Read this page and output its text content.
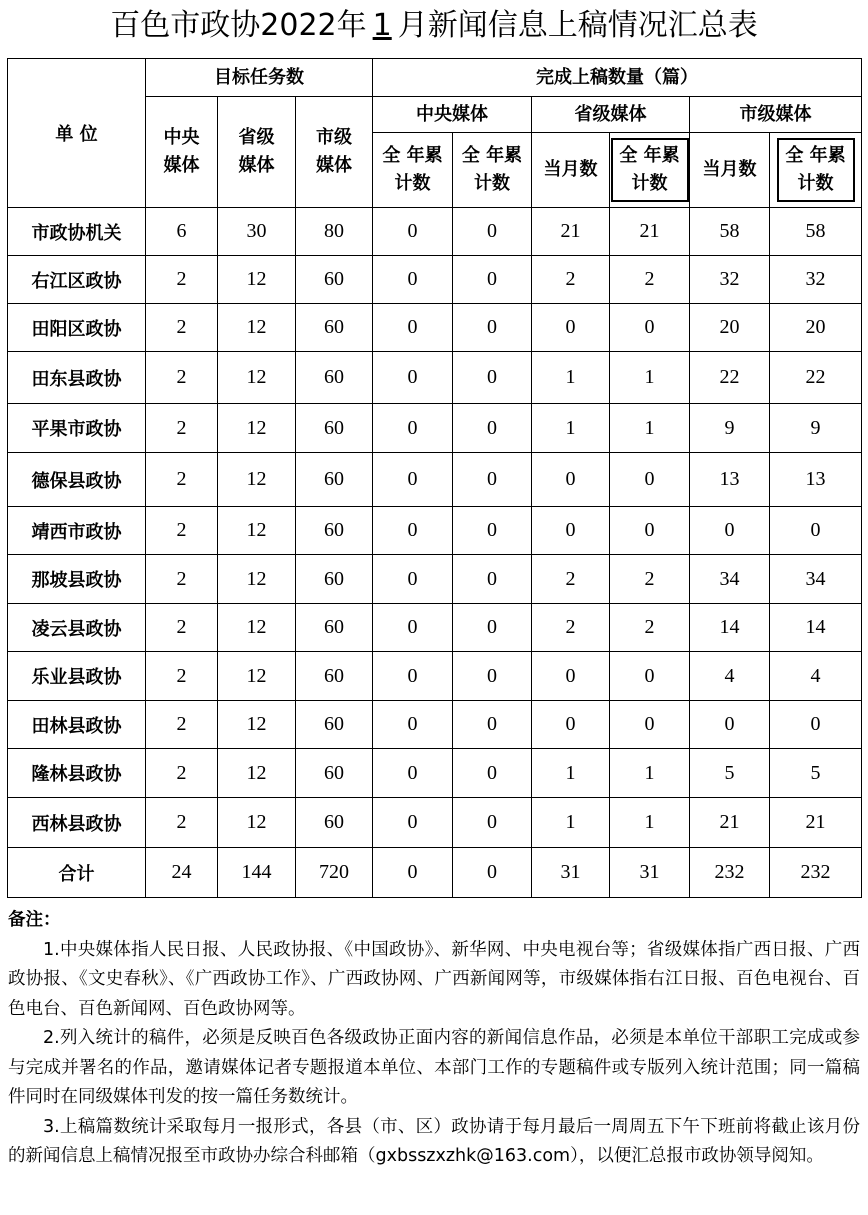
百色市政协2022年 1 月新闻信息上稿情况汇总表
单 位	目标任务数			完成上稿数量（篇）					

	中央媒体	省级媒体	市级媒体	中央媒体		省级媒体		市级媒体	

				全 年累计数	全 年累计数	当月数	全 年累计数	当月数	全 年累计数
市政协机关	6	30	80	0	0	21	21	58	58
右江区政协	2	12	60	0	0	2	2	32	32
田阳区政协	2	12	60	0	0	0	0	20	20
田东县政协	2	12	60	0	0	1	1	22	22
平果市政协	2	12	60	0	0	1	1	9	9
德保县政协	2	12	60	0	0	0	0	13	13
靖西市政协	2	12	60	0	0	0	0	0	0
那坡县政协	2	12	60	0	0	2	2	34	34
凌云县政协	2	12	60	0	0	2	2	14	14
乐业县政协	2	12	60	0	0	0	0	4	4
田林县政协	2	12	60	0	0	0	0	0	0
隆林县政协	2	12	60	0	0	1	1	5	5
西林县政协	2	12	60	0	0	1	1	21	21
合计	24	144	720	0	0	31	31	232	232
备注：

1.中央媒体指人民日报、人民政协报、《中国政协》、新华网、中央电视台等；省级媒体指广西日报、广西政协报、《文史春秋》、《广西政协工作》、广西政协网、广西新闻网等，市级媒体指右江日报、百色电视台、百色电台、百色新闻网、百色政协网等。

2.列入统计的稿件，必须是反映百色各级政协正面内容的新闻信息作品，必须是本单位干部职工完成或参与完成并署名的作品，邀请媒体记者专题报道本单位、本部门工作的专题稿件或专版列入统计范围；同一篇稿件同时在同级媒体刊发的按一篇任务数统计。

3.上稿篇数统计采取每月一报形式，各县（市、区）政协请于每月最后一周周五下午下班前将截止该月份的新闻信息上稿情况报至市政协办综合科邮箱（gxbsszxzhk@163.com），以便汇总报市政协领导阅知。
